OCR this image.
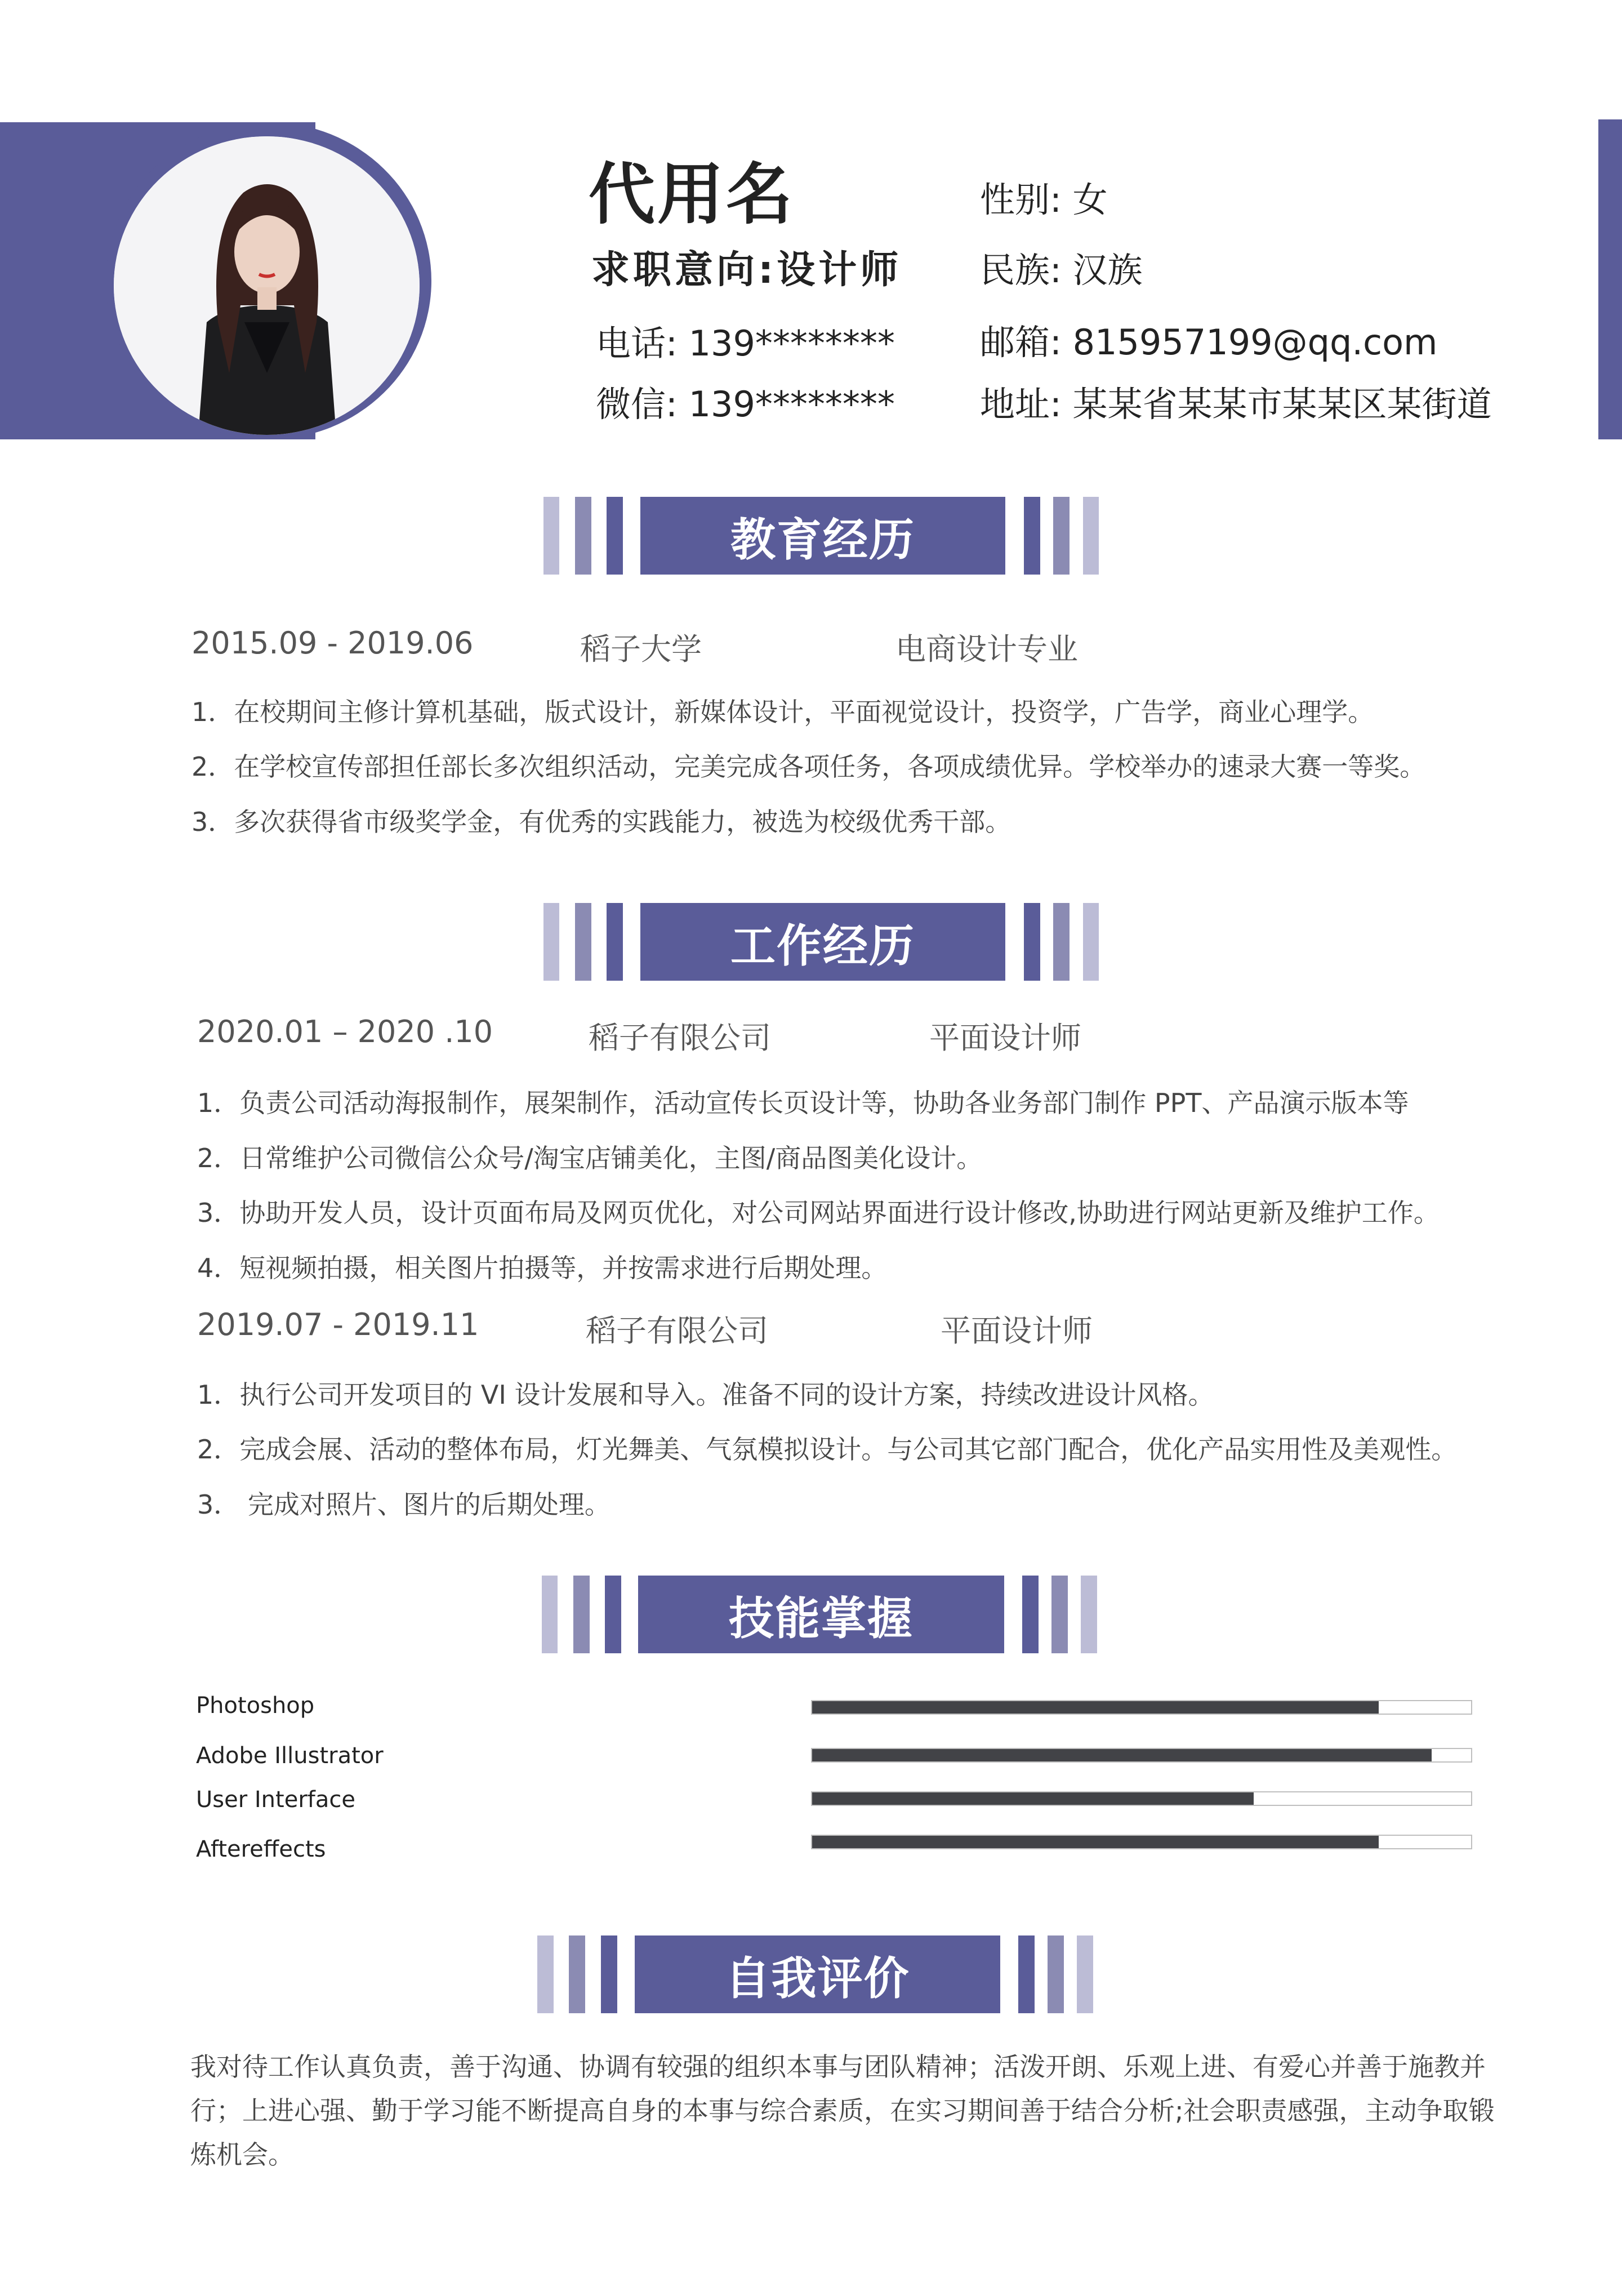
代用名
求职意向:设计师
电话: 139********
微信: 139********
性别: 女
民族: 汉族
邮箱: 815957199@qq.com
地址: 某某省某某市某某区某街道
教育经历
2015.09 - 2019.06	稻子大学	电商设计专业
1．在校期间主修计算机基础，版式设计，新媒体设计，平面视觉设计，投资学，广告学，商业心理学。
2．在学校宣传部担任部长多次组织活动，完美完成各项任务，各项成绩优异。学校举办的速录大赛一等奖。
3．多次获得省市级奖学金，有优秀的实践能力，被选为校级优秀干部。
工作经历
2020.01 – 2020 .10	稻子有限公司	平面设计师
1．负责公司活动海报制作，展架制作，活动宣传长页设计等，协助各业务部门制作 PPT、产品演示版本等
2．日常维护公司微信公众号/淘宝店铺美化，主图/商品图美化设计。
3．协助开发人员，设计页面布局及网页优化，对公司网站界面进行设计修改,协助进行网站更新及维护工作。
4．短视频拍摄，相关图片拍摄等，并按需求进行后期处理。
2019.07 - 2019.11	稻子有限公司	平面设计师
1．执行公司开发项目的 VI 设计发展和导入。准备不同的设计方案，持续改进设计风格。
2．完成会展、活动的整体布局，灯光舞美、气氛模拟设计。与公司其它部门配合，优化产品实用性及美观性。
3． 完成对照片、图片的后期处理。
技能掌握
Photoshop
Adobe Illustrator
User Interface
Aftereffects
自我评价
我对待工作认真负责，善于沟通、协调有较强的组织本事与团队精神；活泼开朗、乐观上进、有爱心并善于施教并行；上进心强、勤于学习能不断提高自身的本事与综合素质，在实习期间善于结合分析;社会职责感强，主动争取锻炼机会。
